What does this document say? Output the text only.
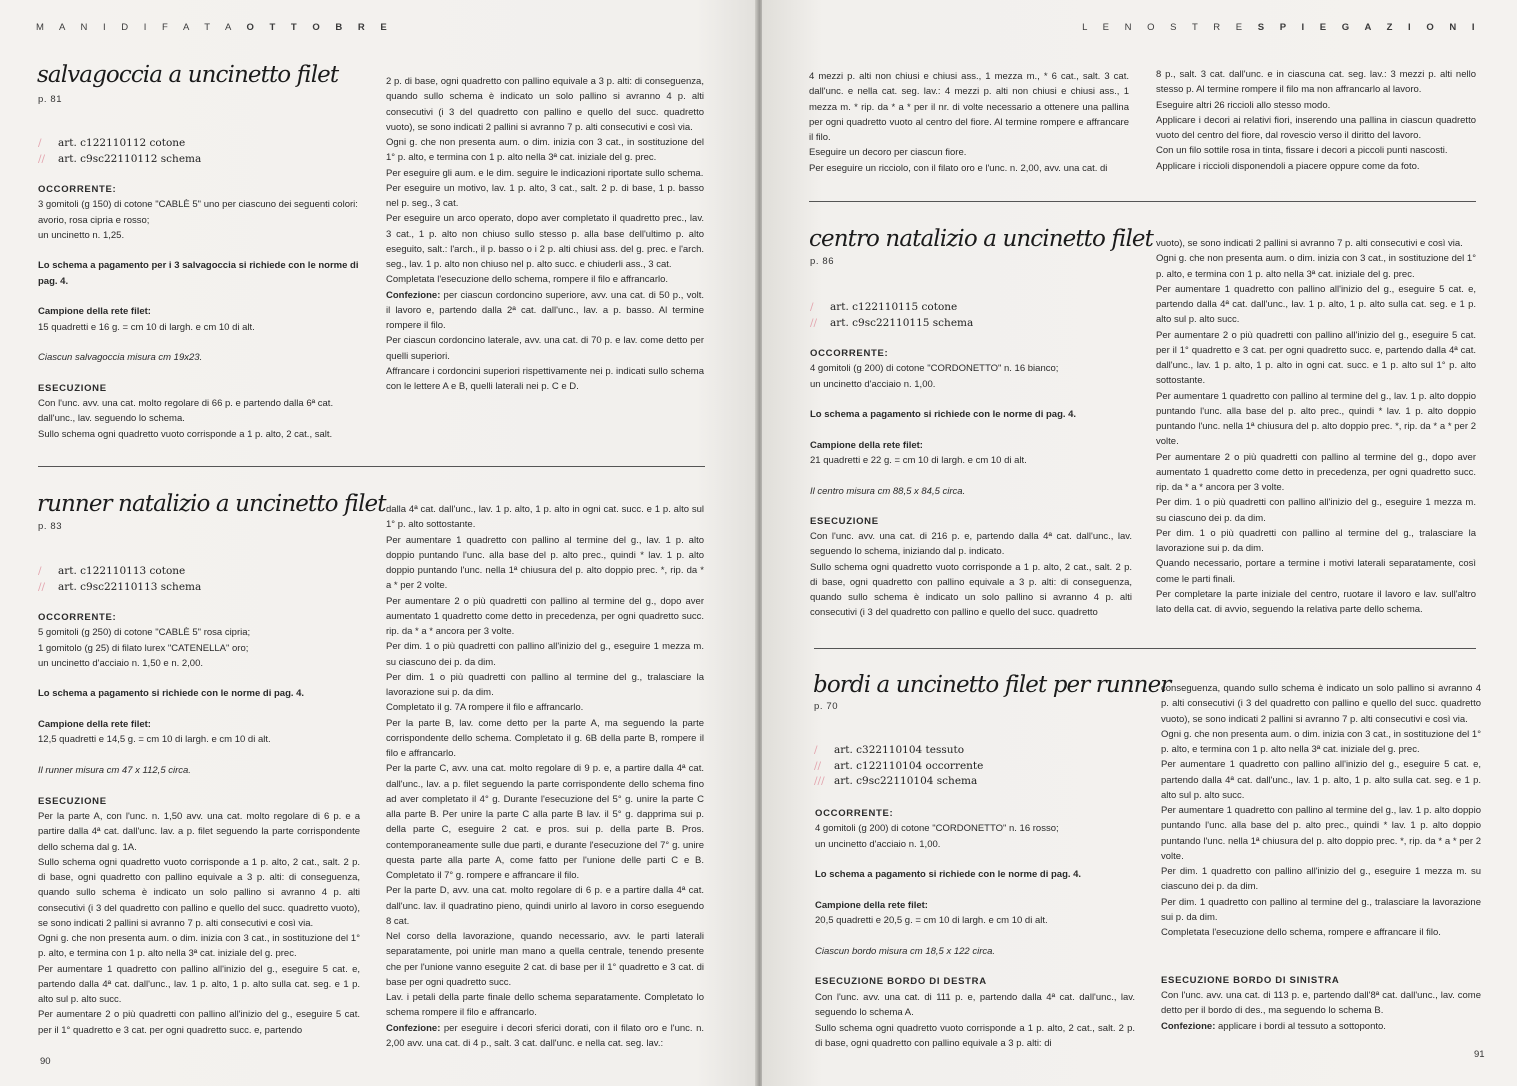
M A N I D I F A T A O T T O B R E
salvagoccia a uncinetto filet
p. 81
/ art. c122110112 cotone
// art. c9sc22110112 schema

OCCORRENTE:

3 gomitoli (g 150) di cotone "CABLÈ 5" uno per ciascuno dei seguenti colori: avorio, rosa cipria e rosso;

un uncinetto n. 1,25.

Lo schema a pagamento per i 3 salvagoccia si richiede con le norme di pag. 4.

Campione della rete filet:

15 quadretti e 16 g. = cm 10 di largh. e cm 10 di alt.

Ciascun salvagoccia misura cm 19x23.

ESECUZIONE

Con l'unc. avv. una cat. molto regolare di 66 p. e partendo dalla 6ª cat. dall'unc., lav. seguendo lo schema.

Sullo schema ogni quadretto vuoto corrisponde a 1 p. alto, 2 cat., salt.

2 p. di base, ogni quadretto con pallino equivale a 3 p. alti: di conseguenza, quando sullo schema è indicato un solo pallino si avranno 4 p. alti consecutivi (i 3 del quadretto con pallino e quello del succ. quadretto vuoto), se sono indicati 2 pallini si avranno 7 p. alti consecutivi e così via.

Ogni g. che non presenta aum. o dim. inizia con 3 cat., in sostituzione del 1° p. alto, e termina con 1 p. alto nella 3ª cat. iniziale del g. prec.

Per eseguire gli aum. e le dim. seguire le indicazioni riportate sullo schema.

Per eseguire un motivo, lav. 1 p. alto, 3 cat., salt. 2 p. di base, 1 p. basso nel p. seg., 3 cat.

Per eseguire un arco operato, dopo aver completato il quadretto prec., lav. 3 cat., 1 p. alto non chiuso sullo stesso p. alla base dell'ultimo p. alto eseguito, salt.: l'arch., il p. basso o i 2 p. alti chiusi ass. del g. prec. e l'arch. seg., lav. 1 p. alto non chiuso nel p. alto succ. e chiuderli ass., 3 cat.

Completata l'esecuzione dello schema, rompere il filo e affrancarlo.

Confezione: per ciascun cordoncino superiore, avv. una cat. di 50 p., volt. il lavoro e, partendo dalla 2ª cat. dall'unc., lav. a p. basso. Al termine rompere il filo.

Per ciascun cordoncino laterale, avv. una cat. di 70 p. e lav. come detto per quelli superiori.

Affrancare i cordoncini superiori rispettivamente nei p. indicati sullo schema con le lettere A e B, quelli laterali nei p. C e D.

runner natalizio a uncinetto filet
p. 83
/ art. c122110113 cotone
// art. c9sc22110113 schema

OCCORRENTE:

5 gomitoli (g 250) di cotone "CABLÈ 5" rosa cipria;

1 gomitolo (g 25) di filato lurex "CATENELLA" oro;

un uncinetto d'acciaio n. 1,50 e n. 2,00.

Lo schema a pagamento si richiede con le norme di pag. 4.

Campione della rete filet:

12,5 quadretti e 14,5 g. = cm 10 di largh. e cm 10 di alt.

Il runner misura cm 47 x 112,5 circa.

ESECUZIONE

Per la parte A, con l'unc. n. 1,50 avv. una cat. molto regolare di 6 p. e a partire dalla 4ª cat. dall'unc. lav. a p. filet seguendo la parte corrispondente dello schema dal g. 1A.

Sullo schema ogni quadretto vuoto corrisponde a 1 p. alto, 2 cat., salt. 2 p. di base, ogni quadretto con pallino equivale a 3 p. alti: di conseguenza, quando sullo schema è indicato un solo pallino si avranno 4 p. alti consecutivi (i 3 del quadretto con pallino e quello del succ. quadretto vuoto), se sono indicati 2 pallini si avranno 7 p. alti consecutivi e così via.

Ogni g. che non presenta aum. o dim. inizia con 3 cat., in sostituzione del 1° p. alto, e termina con 1 p. alto nella 3ª cat. iniziale del g. prec.

Per aumentare 1 quadretto con pallino all'inizio del g., eseguire 5 cat. e, partendo dalla 4ª cat. dall'unc., lav. 1 p. alto, 1 p. alto sulla cat. seg. e 1 p. alto sul p. alto succ.

Per aumentare 2 o più quadretti con pallino all'inizio del g., eseguire 5 cat. per il 1° quadretto e 3 cat. per ogni quadretto succ. e, partendo

dalla 4ª cat. dall'unc., lav. 1 p. alto, 1 p. alto in ogni cat. succ. e 1 p. alto sul 1° p. alto sottostante.

Per aumentare 1 quadretto con pallino al termine del g., lav. 1 p. alto doppio puntando l'unc. alla base del p. alto prec., quindi * lav. 1 p. alto doppio puntando l'unc. nella 1ª chiusura del p. alto doppio prec. *, rip. da * a * per 2 volte.

Per aumentare 2 o più quadretti con pallino al termine del g., dopo aver aumentato 1 quadretto come detto in precedenza, per ogni quadretto succ. rip. da * a * ancora per 3 volte.

Per dim. 1 o più quadretti con pallino all'inizio del g., eseguire 1 mezza m. su ciascuno dei p. da dim.

Per dim. 1 o più quadretti con pallino al termine del g., tralasciare la lavorazione sui p. da dim.

Completato il g. 7A rompere il filo e affrancarlo.

Per la parte B, lav. come detto per la parte A, ma seguendo la parte corrispondente dello schema. Completato il g. 6B della parte B, rompere il filo e affrancarlo.

Per la parte C, avv. una cat. molto regolare di 9 p. e, a partire dalla 4ª cat. dall'unc., lav. a p. filet seguendo la parte corrispondente dello schema fino ad aver completato il 4° g. Durante l'esecuzione del 5° g. unire la parte C alla parte B. Per unire la parte C alla parte B lav. il 5° g. dapprima sui p. della parte C, eseguire 2 cat. e pros. sui p. della parte B. Pros. contemporaneamente sulle due parti, e durante l'esecuzione del 7° g. unire questa parte alla parte A, come fatto per l'unione delle parti C e B. Completato il 7° g. rompere e affrancare il filo.

Per la parte D, avv. una cat. molto regolare di 6 p. e a partire dalla 4ª cat. dall'unc. lav. il quadratino pieno, quindi unirlo al lavoro in corso eseguendo 8 cat.

Nel corso della lavorazione, quando necessario, avv. le parti laterali separatamente, poi unirle man mano a quella centrale, tenendo presente che per l'unione vanno eseguite 2 cat. di base per il 1° quadretto e 3 cat. di base per ogni quadretto succ.

Lav. i petali della parte finale dello schema separatamente. Completato lo schema rompere il filo e affrancarlo.

Confezione: per eseguire i decori sferici dorati, con il filato oro e l'unc. n. 2,00 avv. una cat. di 4 p., salt. 3 cat. dall'unc. e nella cat. seg. lav.:

90
L E N O S T R E S P I E G A Z I O N I

4 mezzi p. alti non chiusi e chiusi ass., 1 mezza m., * 6 cat., salt. 3 cat. dall'unc. e nella cat. seg. lav.: 4 mezzi p. alti non chiusi e chiusi ass., 1 mezza m. * rip. da * a * per il nr. di volte necessario a ottenere una pallina per ogni quadretto vuoto al centro del fiore. Al termine rompere e affrancare il filo.

Eseguire un decoro per ciascun fiore.

Per eseguire un ricciolo, con il filato oro e l'unc. n. 2,00, avv. una cat. di

8 p., salt. 3 cat. dall'unc. e in ciascuna cat. seg. lav.: 3 mezzi p. alti nello stesso p. Al termine rompere il filo ma non affrancarlo al lavoro.

Eseguire altri 26 riccioli allo stesso modo.

Applicare i decori ai relativi fiori, inserendo una pallina in ciascun quadretto vuoto del centro del fiore, dal rovescio verso il diritto del lavoro.

Con un filo sottile rosa in tinta, fissare i decori a piccoli punti nascosti.

Applicare i riccioli disponendoli a piacere oppure come da foto.

centro natalizio a uncinetto filet
p. 86
/ art. c122110115 cotone
// art. c9sc22110115 schema

OCCORRENTE:

4 gomitoli (g 200) di cotone "CORDONETTO" n. 16 bianco;

un uncinetto d'acciaio n. 1,00.

Lo schema a pagamento si richiede con le norme di pag. 4.

Campione della rete filet:

21 quadretti e 22 g. = cm 10 di largh. e cm 10 di alt.

Il centro misura cm 88,5 x 84,5 circa.

ESECUZIONE

Con l'unc. avv. una cat. di 216 p. e, partendo dalla 4ª cat. dall'unc., lav. seguendo lo schema, iniziando dal p. indicato.

Sullo schema ogni quadretto vuoto corrisponde a 1 p. alto, 2 cat., salt. 2 p. di base, ogni quadretto con pallino equivale a 3 p. alti: di conseguenza, quando sullo schema è indicato un solo pallino si avranno 4 p. alti consecutivi (i 3 del quadretto con pallino e quello del succ. quadretto

vuoto), se sono indicati 2 pallini si avranno 7 p. alti consecutivi e così via.

Ogni g. che non presenta aum. o dim. inizia con 3 cat., in sostituzione del 1° p. alto, e termina con 1 p. alto nella 3ª cat. iniziale del g. prec.

Per aumentare 1 quadretto con pallino all'inizio del g., eseguire 5 cat. e, partendo dalla 4ª cat. dall'unc., lav. 1 p. alto, 1 p. alto sulla cat. seg. e 1 p. alto sul p. alto succ.

Per aumentare 2 o più quadretti con pallino all'inizio del g., eseguire 5 cat. per il 1° quadretto e 3 cat. per ogni quadretto succ. e, partendo dalla 4ª cat. dall'unc., lav. 1 p. alto, 1 p. alto in ogni cat. succ. e 1 p. alto sul 1° p. alto sottostante.

Per aumentare 1 quadretto con pallino al termine del g., lav. 1 p. alto doppio puntando l'unc. alla base del p. alto prec., quindi * lav. 1 p. alto doppio puntando l'unc. nella 1ª chiusura del p. alto doppio prec. *, rip. da * a * per 2 volte.

Per aumentare 2 o più quadretti con pallino al termine del g., dopo aver aumentato 1 quadretto come detto in precedenza, per ogni quadretto succ. rip. da * a * ancora per 3 volte.

Per dim. 1 o più quadretti con pallino all'inizio del g., eseguire 1 mezza m. su ciascuno dei p. da dim.

Per dim. 1 o più quadretti con pallino al termine del g., tralasciare la lavorazione sui p. da dim.

Quando necessario, portare a termine i motivi laterali separatamente, così come le parti finali.

Per completare la parte iniziale del centro, ruotare il lavoro e lav. sull'altro lato della cat. di avvio, seguendo la relativa parte dello schema.

bordi a uncinetto filet per runner
p. 70
/ art. c322110104 tessuto
// art. c122110104 occorrente
/// art. c9sc22110104 schema

OCCORRENTE:

4 gomitoli (g 200) di cotone "CORDONETTO" n. 16 rosso;

un uncinetto d'acciaio n. 1,00.

Lo schema a pagamento si richiede con le norme di pag. 4.

Campione della rete filet:

20,5 quadretti e 20,5 g. = cm 10 di largh. e cm 10 di alt.

Ciascun bordo misura cm 18,5 x 122 circa.

ESECUZIONE BORDO DI DESTRA

Con l'unc. avv. una cat. di 111 p. e, partendo dalla 4ª cat. dall'unc., lav. seguendo lo schema A.

Sullo schema ogni quadretto vuoto corrisponde a 1 p. alto, 2 cat., salt. 2 p. di base, ogni quadretto con pallino equivale a 3 p. alti: di

conseguenza, quando sullo schema è indicato un solo pallino si avranno 4 p. alti consecutivi (i 3 del quadretto con pallino e quello del succ. quadretto vuoto), se sono indicati 2 pallini si avranno 7 p. alti consecutivi e così via.

Ogni g. che non presenta aum. o dim. inizia con 3 cat., in sostituzione del 1° p. alto, e termina con 1 p. alto nella 3ª cat. iniziale del g. prec.

Per aumentare 1 quadretto con pallino all'inizio del g., eseguire 5 cat. e, partendo dalla 4ª cat. dall'unc., lav. 1 p. alto, 1 p. alto sulla cat. seg. e 1 p. alto sul p. alto succ.

Per aumentare 1 quadretto con pallino al termine del g., lav. 1 p. alto doppio puntando l'unc. alla base del p. alto prec., quindi * lav. 1 p. alto doppio puntando l'unc. nella 1ª chiusura del p. alto doppio prec. *, rip. da * a * per 2 volte.

Per dim. 1 quadretto con pallino all'inizio del g., eseguire 1 mezza m. su ciascuno dei p. da dim.

Per dim. 1 quadretto con pallino al termine del g., tralasciare la lavorazione sui p. da dim.

Completata l'esecuzione dello schema, rompere e affrancare il filo.

ESECUZIONE BORDO DI SINISTRA

Con l'unc. avv. una cat. di 113 p. e, partendo dall'8ª cat. dall'unc., lav. come detto per il bordo di des., ma seguendo lo schema B.

Confezione: applicare i bordi al tessuto a sottoponto.

91
